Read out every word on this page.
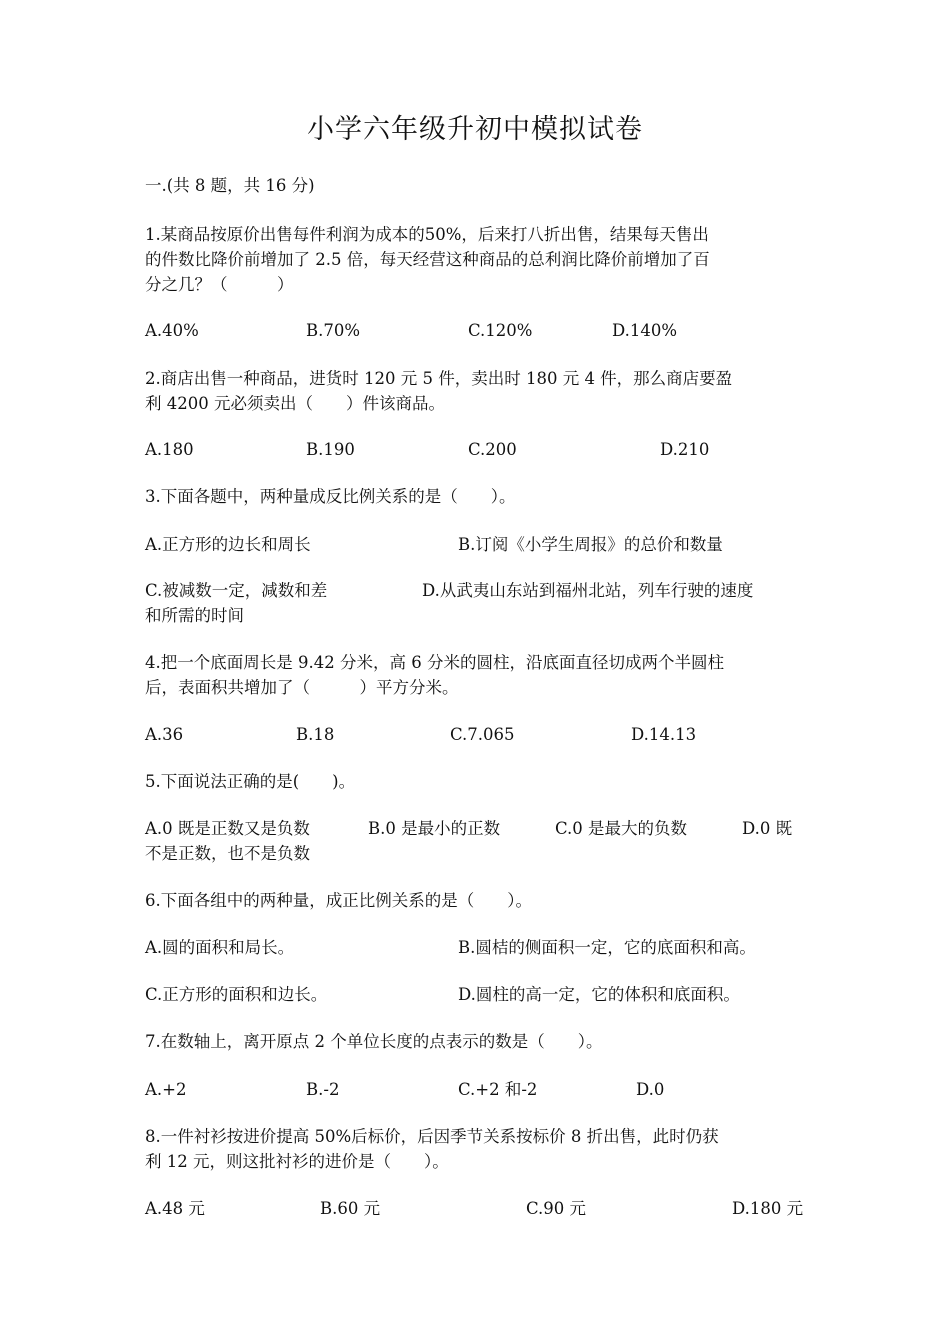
小学六年级升初中模拟试卷
一.(共 8 题，共 16 分)
1.某商品按原价出售每件利润为成本的50%，后来打八折出售，结果每天售出
的件数比降价前增加了 2.5 倍，每天经营这种商品的总利润比降价前增加了百
分之几？（　　　）
A.40%	B.70%	C.120%	D.140%
2.商店出售一种商品，进货时 120 元 5 件，卖出时 180 元 4 件，那么商店要盈
利 4200 元必须卖出（　　）件该商品。
A.180	B.190	C.200	D.210
3.下面各题中，两种量成反比例关系的是（　　）。
A.正方形的边长和周长	B.订阅《小学生周报》的总价和数量
C.被减数一定，减数和差	D.从武夷山东站到福州北站，列车行驶的速度
和所需的时间
4.把一个底面周长是 9.42 分米，高 6 分米的圆柱，沿底面直径切成两个半圆柱
后，表面积共增加了（　　　）平方分米。
A.36	B.18	C.7.065	D.14.13
5.下面说法正确的是(　　)。
A.0 既是正数又是负数	B.0 是最小的正数	C.0 是最大的负数	D.0 既
不是正数，也不是负数
6.下面各组中的两种量，成正比例关系的是（　　）。
A.圆的面积和局长。	B.圆桔的侧面积一定，它的底面积和高。
C.正方形的面积和边长。	D.圆柱的高一定，它的体积和底面积。
7.在数轴上，离开原点 2 个单位长度的点表示的数是（　　）。
A.+2	B.-2	C.+2 和-2	D.0
8.一件衬衫按进价提高 50%后标价，后因季节关系按标价 8 折出售，此时仍获
利 12 元，则这批衬衫的进价是（　　）。
A.48 元	B.60 元	C.90 元	D.180 元
